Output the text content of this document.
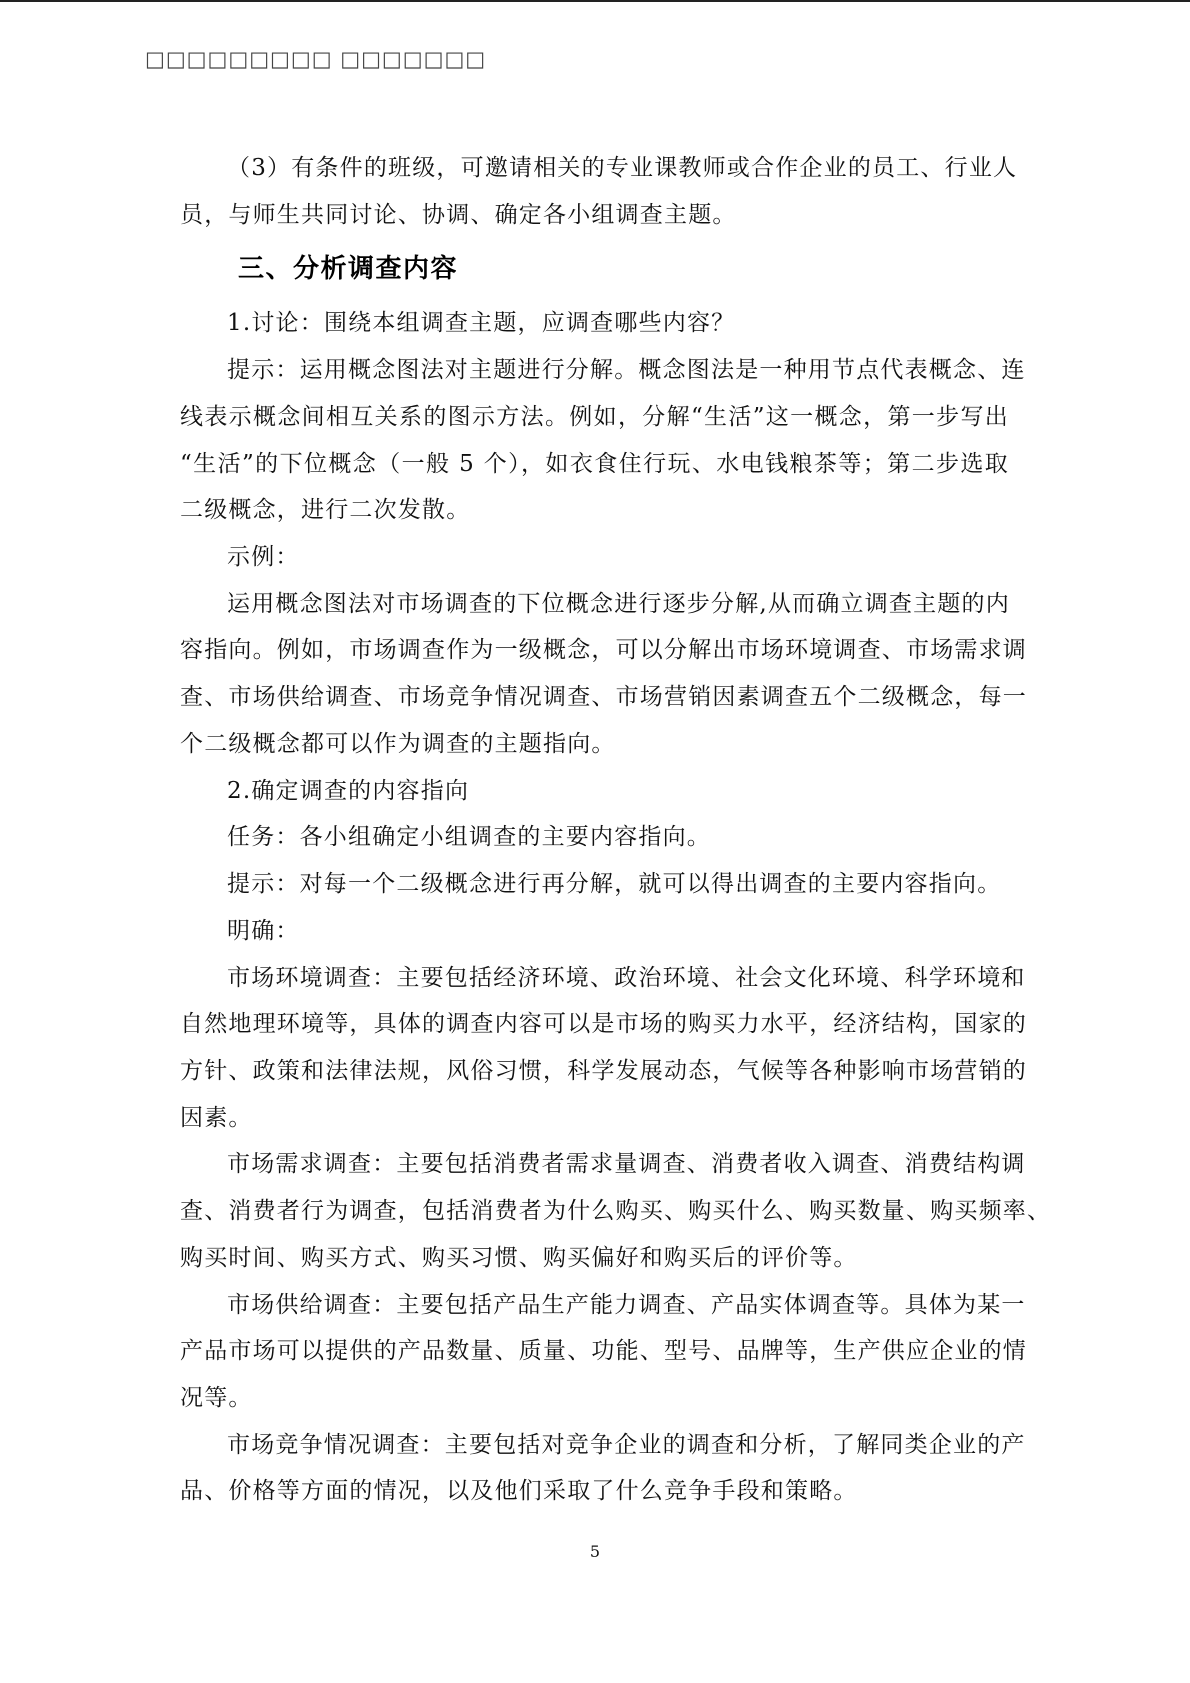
□□□□□□□□□ □□□□□□□
（3）有条件的班级，可邀请相关的专业课教师或合作企业的员工、行业人
员，与师生共同讨论、协调、确定各小组调查主题。
三、分析调查内容
1.讨论：围绕本组调查主题，应调查哪些内容？
提示：运用概念图法对主题进行分解。概念图法是一种用节点代表概念、连
线表示概念间相互关系的图示方法。例如，分解“生活”这一概念，第一步写出
“生活”的下位概念（一般 5 个），如衣食住行玩、水电钱粮茶等；第二步选取
二级概念，进行二次发散。
示例：
运用概念图法对市场调查的下位概念进行逐步分解,从而确立调查主题的内
容指向。例如，市场调查作为一级概念，可以分解出市场环境调查、市场需求调
查、市场供给调查、市场竞争情况调查、市场营销因素调查五个二级概念，每一
个二级概念都可以作为调查的主题指向。
2.确定调查的内容指向
任务：各小组确定小组调查的主要内容指向。
提示：对每一个二级概念进行再分解，就可以得出调查的主要内容指向。
明确：
市场环境调查：主要包括经济环境、政治环境、社会文化环境、科学环境和
自然地理环境等，具体的调查内容可以是市场的购买力水平，经济结构，国家的
方针、政策和法律法规，风俗习惯，科学发展动态，气候等各种影响市场营销的
因素。
市场需求调查：主要包括消费者需求量调查、消费者收入调查、消费结构调
查、消费者行为调查，包括消费者为什么购买、购买什么、购买数量、购买频率、
购买时间、购买方式、购买习惯、购买偏好和购买后的评价等。
市场供给调查：主要包括产品生产能力调查、产品实体调查等。具体为某一
产品市场可以提供的产品数量、质量、功能、型号、品牌等，生产供应企业的情
况等。
市场竞争情况调查：主要包括对竞争企业的调查和分析，了解同类企业的产
品、价格等方面的情况，以及他们采取了什么竞争手段和策略。
5
